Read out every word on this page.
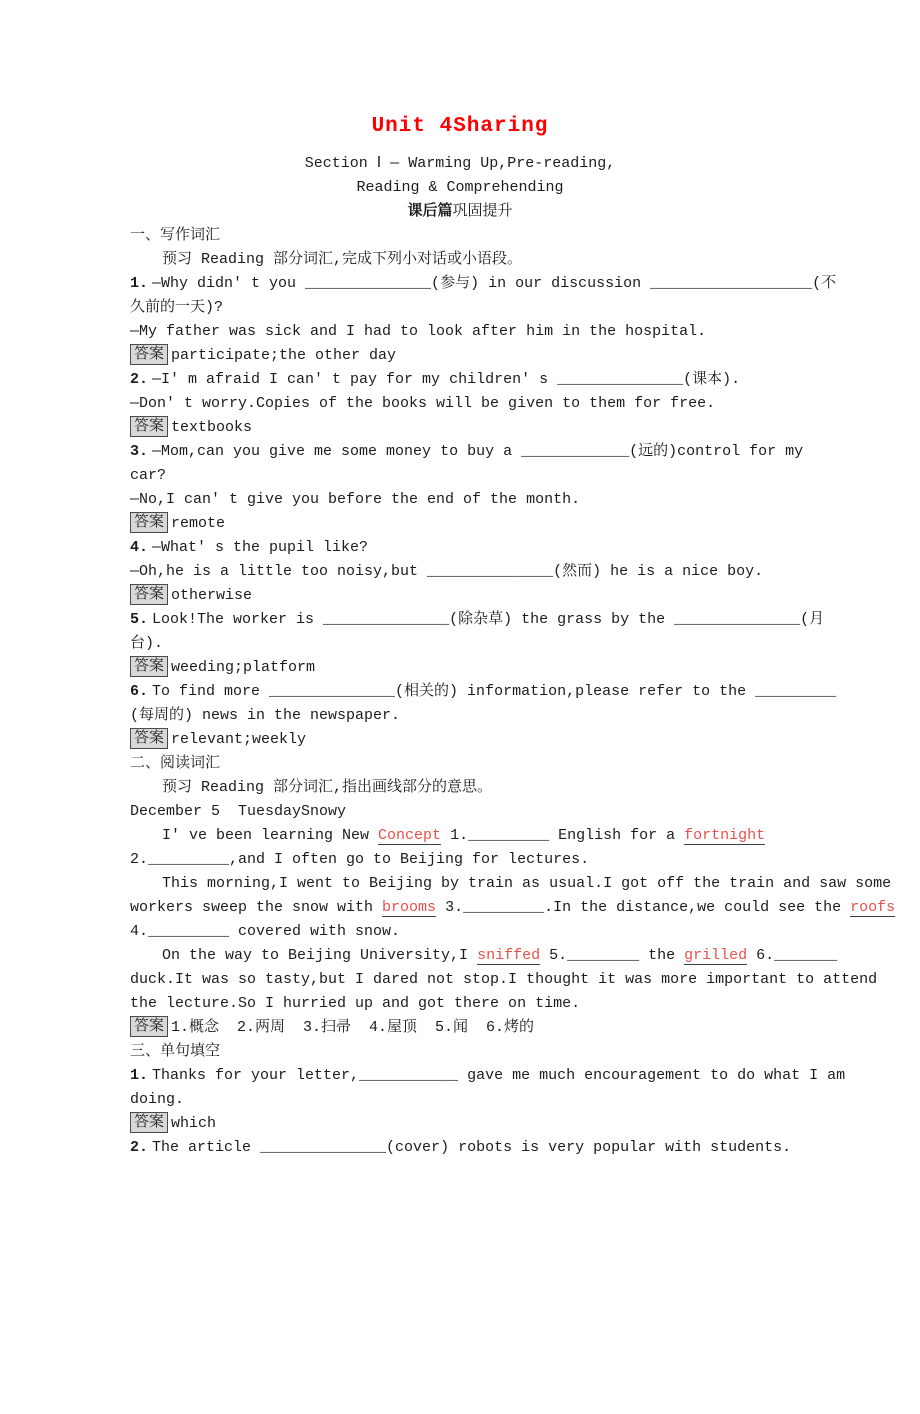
Unit 4Sharing
Section Ⅰ — Warming Up,Pre-reading,
Reading & Comprehending
课后篇巩固提升
一、写作词汇
预习 Reading 部分词汇,完成下列小对话或小语段。
1. —Why didn' t you ______________(参与) in our discussion __________________(不
久前的一天)?
—My father was sick and I had to look after him in the hospital.
答案 participate;the other day
2. —I' m afraid I can' t pay for my children' s ______________(课本).
—Don' t worry.Copies of the books will be given to them for free.
答案 textbooks
3. —Mom,can you give me some money to buy a ____________(远的)control for my
car?
—No,I can' t give you before the end of the month.
答案 remote
4. —What' s the pupil like?
—Oh,he is a little too noisy,but ______________(然而) he is a nice boy.
答案 otherwise
5. Look!The worker is ______________(除杂草) the grass by the ______________(月
台).
答案 weeding;platform
6. To find more ______________(相关的) information,please refer to the _________
(每周的) news in the newspaper.
答案 relevant;weekly
二、阅读词汇
预习 Reading 部分词汇,指出画线部分的意思。
December 5  TuesdaySnowy
I' ve been learning New Concept 1._________ English for a fortnight
2._________,and I often go to Beijing for lectures.
This morning,I went to Beijing by train as usual.I got off the train and saw some
workers sweep the snow with brooms 3._________.In the distance,we could see the roofs
4._________ covered with snow.
On the way to Beijing University,I sniffed 5.________ the grilled 6._______
duck.It was so tasty,but I dared not stop.I thought it was more important to attend
the lecture.So I hurried up and got there on time.
答案 1.概念  2.两周  3.扫帚  4.屋顶  5.闻  6.烤的
三、单句填空
1. Thanks for your letter,___________ gave me much encouragement to do what I am
doing.
答案 which
2. The article ______________(cover) robots is very popular with students.
